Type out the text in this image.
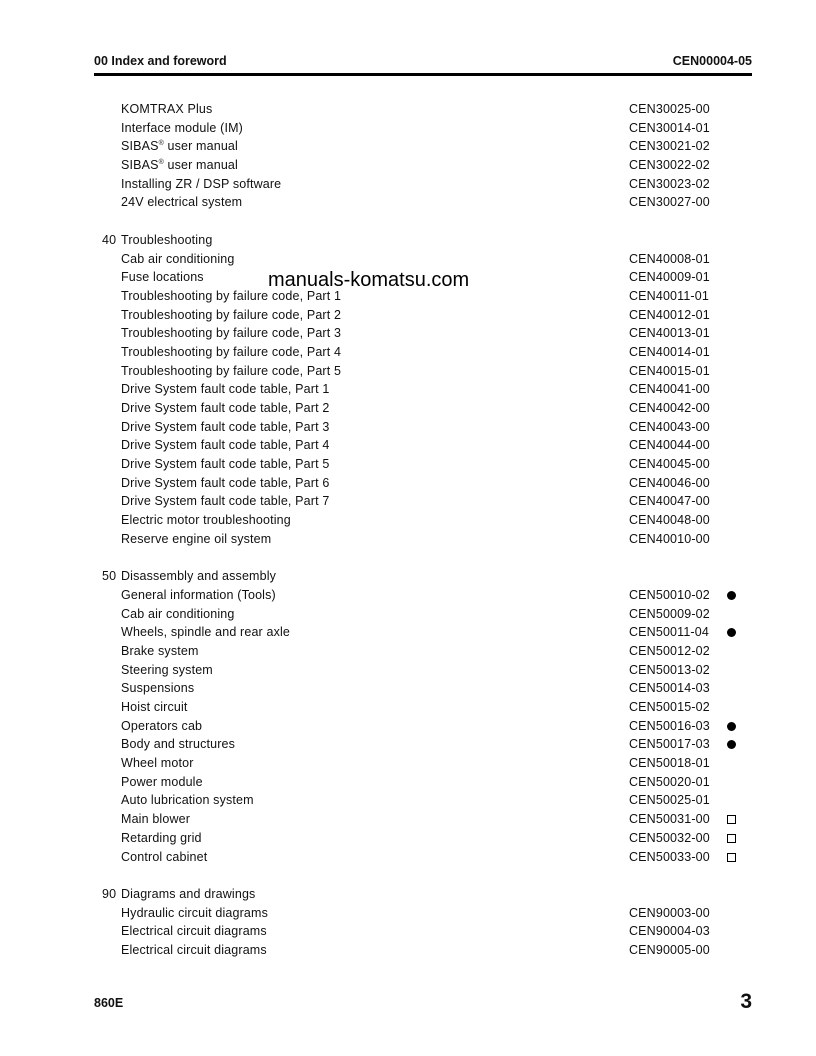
00 Index and foreword	CEN00004-05
KOMTRAX Plus	CEN30025-00
Interface module (IM)	CEN30014-01
SIBAS® user manual	CEN30021-02
SIBAS® user manual	CEN30022-02
Installing ZR / DSP software	CEN30023-02
24V electrical system	CEN30027-00
40 Troubleshooting
Cab air conditioning	CEN40008-01
Fuse locations	CEN40009-01
Troubleshooting by failure code, Part 1	CEN40011-01
Troubleshooting by failure code, Part 2	CEN40012-01
Troubleshooting by failure code, Part 3	CEN40013-01
Troubleshooting by failure code, Part 4	CEN40014-01
Troubleshooting by failure code, Part 5	CEN40015-01
Drive System fault code table, Part 1	CEN40041-00
Drive System fault code table, Part 2	CEN40042-00
Drive System fault code table, Part 3	CEN40043-00
Drive System fault code table, Part 4	CEN40044-00
Drive System fault code table, Part 5	CEN40045-00
Drive System fault code table, Part 6	CEN40046-00
Drive System fault code table, Part 7	CEN40047-00
Electric motor troubleshooting	CEN40048-00
Reserve engine oil system	CEN40010-00
50 Disassembly and assembly
General information (Tools)	CEN50010-02
Cab air conditioning	CEN50009-02
Wheels, spindle and rear axle	CEN50011-04
Brake system	CEN50012-02
Steering system	CEN50013-02
Suspensions	CEN50014-03
Hoist circuit	CEN50015-02
Operators cab	CEN50016-03
Body and structures	CEN50017-03
Wheel motor	CEN50018-01
Power module	CEN50020-01
Auto lubrication system	CEN50025-01
Main blower	CEN50031-00
Retarding grid	CEN50032-00
Control cabinet	CEN50033-00
90 Diagrams and drawings
Hydraulic circuit diagrams	CEN90003-00
Electrical circuit diagrams	CEN90004-03
Electrical circuit diagrams	CEN90005-00
manuals-komatsu.com
860E	3
